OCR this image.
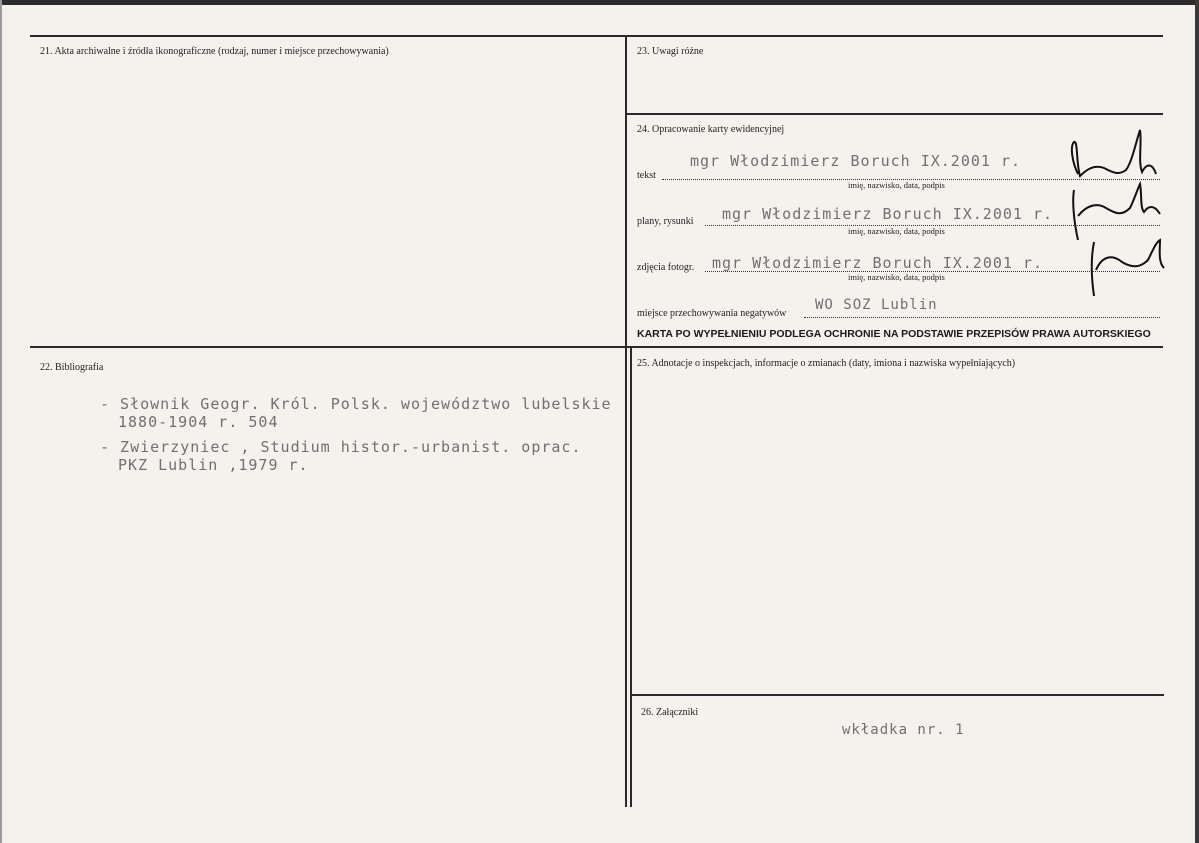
21. Akta archiwalne i źródła ikonograficzne (rodzaj, numer i miejsce przechowywania)	23. Uwagi różne
24. Opracowanie karty ewidencyjnej
tekst
mgr Włodzimierz Boruch IX.2001 r.
imię, nazwisko, data, podpis
plany, rysunki mgr Włodzimierz Boruch IX.2001 r.
imię, nazwisko, data, podpis
zdjęcia fotogr. mgr Włodzimierz Boruch IX.2001 r.
imię, nazwisko, data, podpis
miejsce przechowywania negatywów
WO SOZ Lublin
KARTA PO WYPEŁNIENIU PODLEGA OCHRONIE NA PODSTAWIE PRZEPISÓW PRAWA AUTORSKIEGO
22. Bibliografia
- Słownik Geogr. Król. Polsk. województwo lubelskie
1880-1904 r. 504
- Zwierzyniec , Studium histor.-urbanist. oprac.
PKZ Lublin ,1979 r.
25. Adnotacje o inspekcjach, informacje o zmianach (daty, imiona i nazwiska wypełniających)
26. Załączniki
wkładka nr. 1
